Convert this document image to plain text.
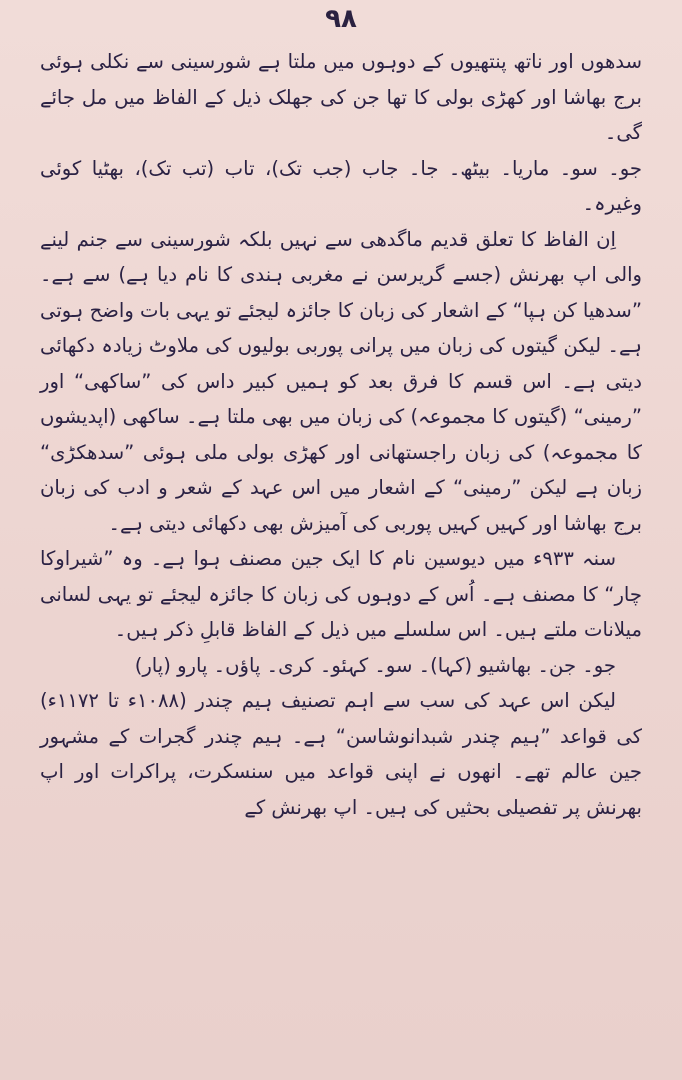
۹۸

سدھوں اور ناتھ پنتھیوں کے دوہوں میں ملتا ہے شورسینی سے نکلی ہوئی برج بھاشا اور کھڑی بولی کا تھا جن کی جھلک ذیل کے الفاظ میں مل جائے گی۔

جو۔ سو۔ ماریا۔ بیٹھ۔ جا۔ جاب (جب تک)، تاب (تب تک)، بھٹیا کوئی وغیرہ۔

اِن الفاظ کا تعلق قدیم ماگدھی سے نہیں بلکہ شورسینی سے جنم لینے والی اپ بھرنش (جسے گریرسن نے مغربی ہندی کا نام دیا ہے) سے ہے۔ ”سدھیا کن ہپا“ کے اشعار کی زبان کا جائزہ لیجئے تو یہی بات واضح ہوتی ہے۔ لیکن گیتوں کی زبان میں پرانی پوربی بولیوں کی ملاوٹ زیادہ دکھائی دیتی ہے۔ اس قسم کا فرق بعد کو ہمیں کبیر داس کی ”ساکھی“ اور ”رمینی“ (گیتوں کا مجموعہ) کی زبان میں بھی ملتا ہے۔ ساکھی (اپدیشوں کا مجموعہ) کی زبان راجستھانی اور کھڑی بولی ملی ہوئی ”سدھکڑی“ زبان ہے لیکن ”رمینی“ کے اشعار میں اس عہد کے شعر و ادب کی زبان برج بھاشا اور کہیں کہیں پوربی کی آمیزش بھی دکھائی دیتی ہے۔

سنہ ۹۳۳ء میں دیوسین نام کا ایک جین مصنف ہوا ہے۔ وہ ”شیراوکا چار“ کا مصنف ہے۔ اُس کے دوہوں کی زبان کا جائزہ لیجئے تو یہی لسانی میلانات ملتے ہیں۔ اس سلسلے میں ذیل کے الفاظ قابلِ ذکر ہیں۔

جو۔ جن۔ بھاشیو (کہا)۔ سو۔ کہئو۔ کری۔ پاؤں۔ پارو (پار)

لیکن اس عہد کی سب سے اہم تصنیف ہیم چندر (۱۰۸۸ء تا ۱۱۷۲ء) کی قواعد ”ہیم چندر شبدانوشاسن“ ہے۔ ہیم چندر گجرات کے مشہور جین عالم تھے۔ انھوں نے اپنی قواعد میں سنسکرت، پراکرات اور اپ بھرنش پر تفصیلی بحثیں کی ہیں۔ اپ بھرنش کے
